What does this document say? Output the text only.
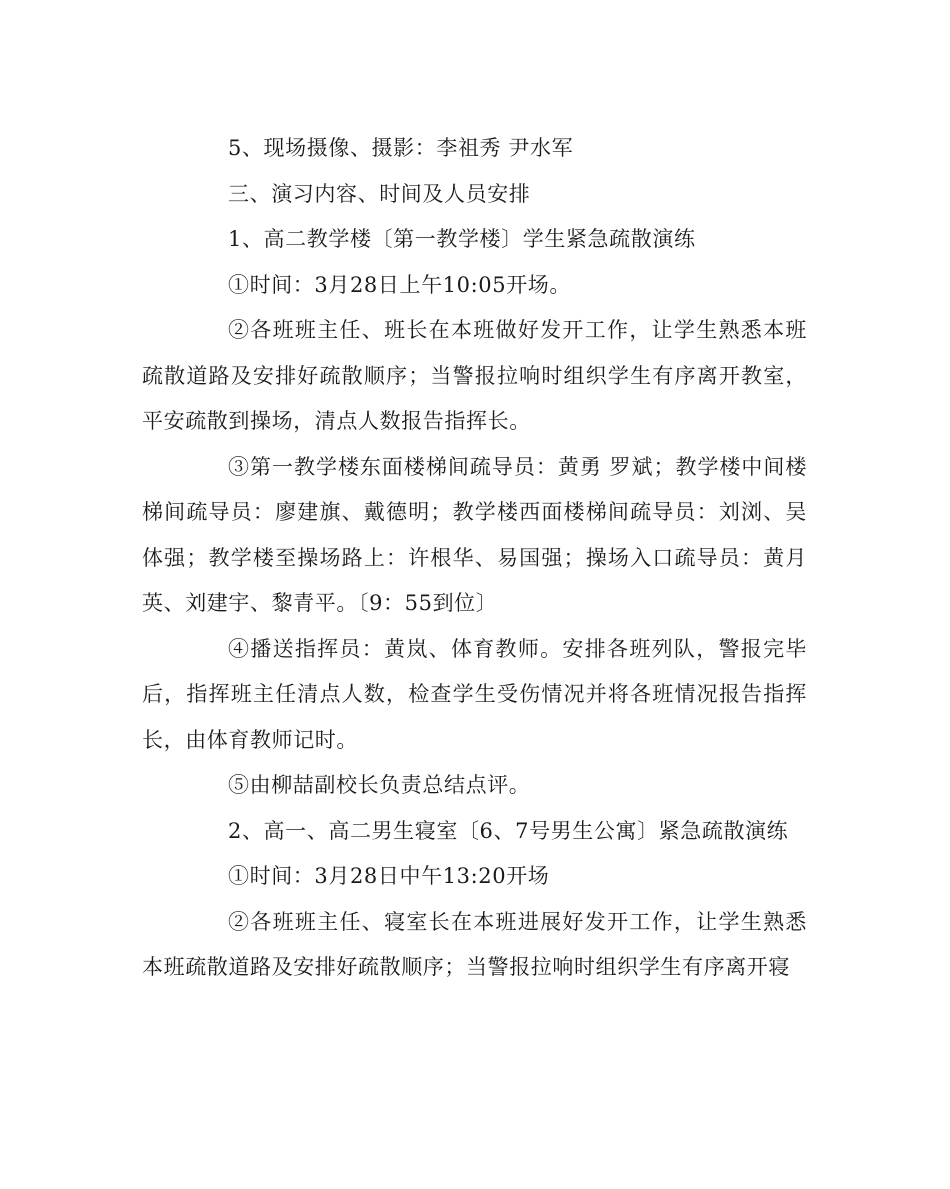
5、现场摄像、摄影：李祖秀 尹水军

三、演习内容、时间及人员安排

1、高二教学楼〔第一教学楼〕学生紧急疏散演练

①时间：3月28日上午10:05开场。

②各班班主任、班长在本班做好发开工作，让学生熟悉本班疏散道路及安排好疏散顺序；当警报拉响时组织学生有序离开教室，平安疏散到操场，清点人数报告指挥长。

③第一教学楼东面楼梯间疏导员：黄勇 罗斌；教学楼中间楼梯间疏导员：廖建旗、戴德明；教学楼西面楼梯间疏导员：刘浏、吴体强；教学楼至操场路上：许根华、易国强；操场入口疏导员：黄月英、刘建宇、黎青平。〔9：55到位〕

④播送指挥员：黄岚、体育教师。安排各班列队，警报完毕后，指挥班主任清点人数，检查学生受伤情况并将各班情况报告指挥长，由体育教师记时。

⑤由柳喆副校长负责总结点评。

2、高一、高二男生寝室〔6、7号男生公寓〕紧急疏散演练

①时间：3月28日中午13:20开场

②各班班主任、寝室长在本班进展好发开工作，让学生熟悉本班疏散道路及安排好疏散顺序；当警报拉响时组织学生有序离开寝
